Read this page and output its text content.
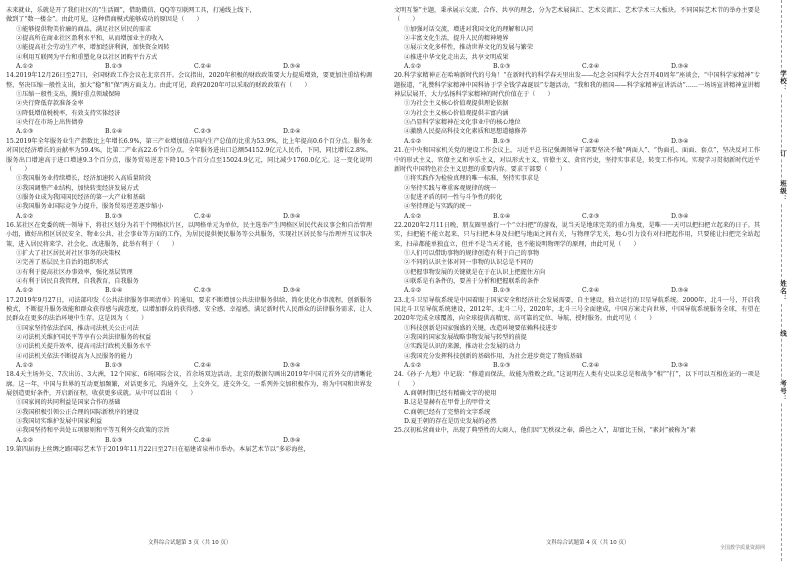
未来就业，乐就是开了我们社区的“生活圈”，借助微信、QQ等互联网工具，打通线上线下，

做到了“数一楼金”。由此可见，这种借商模式能够成功的原因是（　　）

①能够提供物美价廉的商品，满足社区居民的需求

②提高所在商业社区盈利水平和，从而增加业主的收入

③能提高社会劳动生产率，增加经济利润，加快资金周转

④利用互联网为平台和重塑化身以社区团购平台方式

A.①②	B.①③	C.②④	D.③④

14.2019年12月26日至27日，全国财政工作会议在北京召开。会议指出，2020年积极的财政政策要大力提质增效，要更加注重结构调整，坚决压缩一般性支出，加大“稳”和“保”两方面支力。由此可见，政府2020年可以采取的财政政策有（　　）

①压缩一般性支出，腾好重点领域保障

②央行降低存款准备金率

③降低增值税税率，有效支持实体经济

④央行在市场上出售债券

A.①③	B.①④	C.②③	D.②④

15.2019年全年服务业生产指数比上年增长6.9%，第三产业增加值占国内生产总值的比重为53.9%，比上年提高0.6个百分点。服务业对国民经济增长的贡献率为59.4%，比第二产业高22.6个百分点。全年服务进出口总额54152.9亿元人民币，下同，同比增长2.8%。服务出口增速高于进口增速9.3个百分点，服务贸易逆差下降10.5个百分点至15024.9亿元，同比减少1760.0亿元。这一变化说明（　　）

①我国服务业持续增长，经济加速转入高质量阶段

②我国调整产业结构，加快转变经济发展方式

③服务业成为我国国民经济的第一大产业和基础

④我国服务业国际竞争力提升，服务贸易逆差逐步缩小

A.①②	B.①③	C.②④	D.③④

16.某社区在党委的统一领导下，将社区划分为若干个网格状片区，以网格单元为单位，民主选举产生网格区居民代表议事会和自治管理小组，做好出租区居民安全、物业公共、社会事业等方面的工作，为居民提供便民服务等公共服务，实现社区居民参与治理并互议事决策，进入居民将来学、社会化、改进服务，此举有利于（　　）

①扩大了社区居民对社区事务的决策权

②完善了基层民主自治的组织形式

③有利于提高社区办事效率，强化基层管理

④有利于居民自我管理，自我教育，自我服务

A.①②	B.①④	C.②③	D.③④

17.2019年9月27日，司法部印发《公共法律服务事项清单》的通知，要求不断增加公共法律服务供给，简化优化办事流程，创新服务模式，不断提升服务效能和群众获得感与满意度，以增加群众的获得感、安全感、幸福感，满足新时代人民群众的法律服务需求，让人民群众在更多的法治环境中生存。这是因为（　　）

①国家坚持依法治国，推动司法机关公正司法

②司法机关维护国民平等享有公共法律服务的权益

③司法机关提升效率，提高司法行政机关服务水平

④司法机关依法不断提高为人民服务的能力

A.①②	B.①③	C.②④	D.③④

18.4天主场外交、7次出访、3大洲，12个国家、6场国际会议，首余场双边活动，北京的数据勾画出2019年中国元首外交的清晰轮廓。这一年，中国与世界的互动更加频繁，对话更多元，沟通外交，上交外交，进交外交，一系列外交加积极作为，将为中国和世界发展创造更好条件，开启新征程，收获更多成就。从中可以看出（　　）

①国家间的共同利益是国家合作的基础

②我国积极引领公正合理的国际新秩序的建设

③我国切实维护发展中国家利益

④我国坚持和平共处五项原则和平等互利外交政策的宗旨

A.①②	B.①③	C.②④	D.③④

19.第四届海上丝绸之路国际艺术节于2019年11月22日至27日在福建省泉州市举办。本届艺术节以“多彩海丝，

文明互鉴”主题，秉承展示交流、合作、共享的理念，分为艺术展演汇、艺术交流汇、艺术学术三大板块。不同国际艺术节的举办主要是（　　）

①加强对话交流，增进对我国文化的理解和认同

②丰富文化生活，提升人民的精神境界

③展示文化多样性，推动世界文化的发展与繁荣

④推进中华文化走出去，共享文明成果

A.①②	B.①③	C.②④	D.③④

20.科学家精神正在哈响新时代的号角！“在新时代的科学春天里出发——纪念全国科学大会召开40周年”座谈会，“中国科学家精神”专题报道，“礼赞科学家精神中国科协于学全钱学森诞辰”专题活动，“我和我的祖国——科学家精神宣讲活动”……一场场宣讲精神宣讲精神层层展开，大力弘扬科学家精神的时代价值在于（　　）

①为社会主义核心价值观提供理论依据

②为社会主义核心价值观提供丰富内涵

③凸显科学家精神在文化事业中的核心地位

④激励人民提高科技文化素质和思想道德修养

A.①②	B.①③	C.②④	D.③④

21.在中央和国家机关党的建设工作会议上，习近平总书记强调领导干部要坚决不做“两面人”、“伪面孔、面面、套点”，坚决反对工作中的形式主义、官僚主义和享乐主义，对以形式主义、官僚主义、贪官污吏，坚持实事求是，转变工作作风。实现学习贯彻新时代近平新时代中国特色社会主义思想的重要内容。要求干部要（　　）

①将实践作为检验真理的唯一标准，坚持实事求是

②坚持实践与尊重客观规律的统一

③促进矛盾的同一性与斗争性的转化

④坚持理论与实践的统一

A.①②	B.①④	C.②③	D.③④

22.2020年2月11日晚，朋友圈里盛行一个“立扫把”的游戏，说当天是地球完美的重力角度，是唯一一天可以把扫把立起来的日子。其实，扫把能不能立起来，只与扫把本身及扫把与地面之间有关，与物理学无关，地心引力没有对扫把起作用，只要能让扫把完全站起来，扫帚都能单独直立，但并不是当天才能，也不能说明物理学的原理，由此可见（　　）

①人们可以借助事物的规律创造有利于自己的事物

②不同的认识主体对同一事物的认识总是不同的

③把握事物发展的关键就是在于在认识上把握住方向

④联系是有条件的，要善于分析和把握联系的条件

A.①②	B.①③	C.②④	D.③④

23.北斗卫星导航系统是中国着眼于国家安全和经济社会发展需要，自主建设，独立运行的卫星导航系统。2000年，北斗一号，开启我国北斗卫星导航系统建设，2012年，北斗二号，2020年，北斗三号全面建成，中国方案走向世界，中国导航系统服务全球，有望在2020年完成全球覆盖，向全球提供高精度、高可靠的定位、导航、授时服务。由此可见（　　）

①科技创新是国家强盛的关键，改造环境要依赖科技进步

②我国的国家发展战略事物发展与转型的前提

③实践是认识的来源，推动社会发展的动力

④我国充分发挥科技创新的基础作用，为社会进步奠定了物质基础

A.①②	B.①③	C.②④	D.③④

24.《孙子·九地》中记载：“修道而保法，故能为胜败之政。”这说明在人类有史以来总是和战争“相”“打”，以下可以互相佐证的一项是（　　）

A.商朝时期已经有精确文字的使用

B.这是显赫有在甲骨上的甲骨文

C.商朝已经有了完整的文字系统

D.夏王朝的存在是历史发展的必然

25.汉初私营商业中，出现了典型性的大商人，他们因“无秩禄之奉，爵邑之入”，却富比王侯，“素封”被称为“素

文科综合试题第 3 页（共 10 页）	文科综合试题第 4 页（共 10 页）
全国教学质量资源网
学校：
订
班级：
姓名：
线
考号：
